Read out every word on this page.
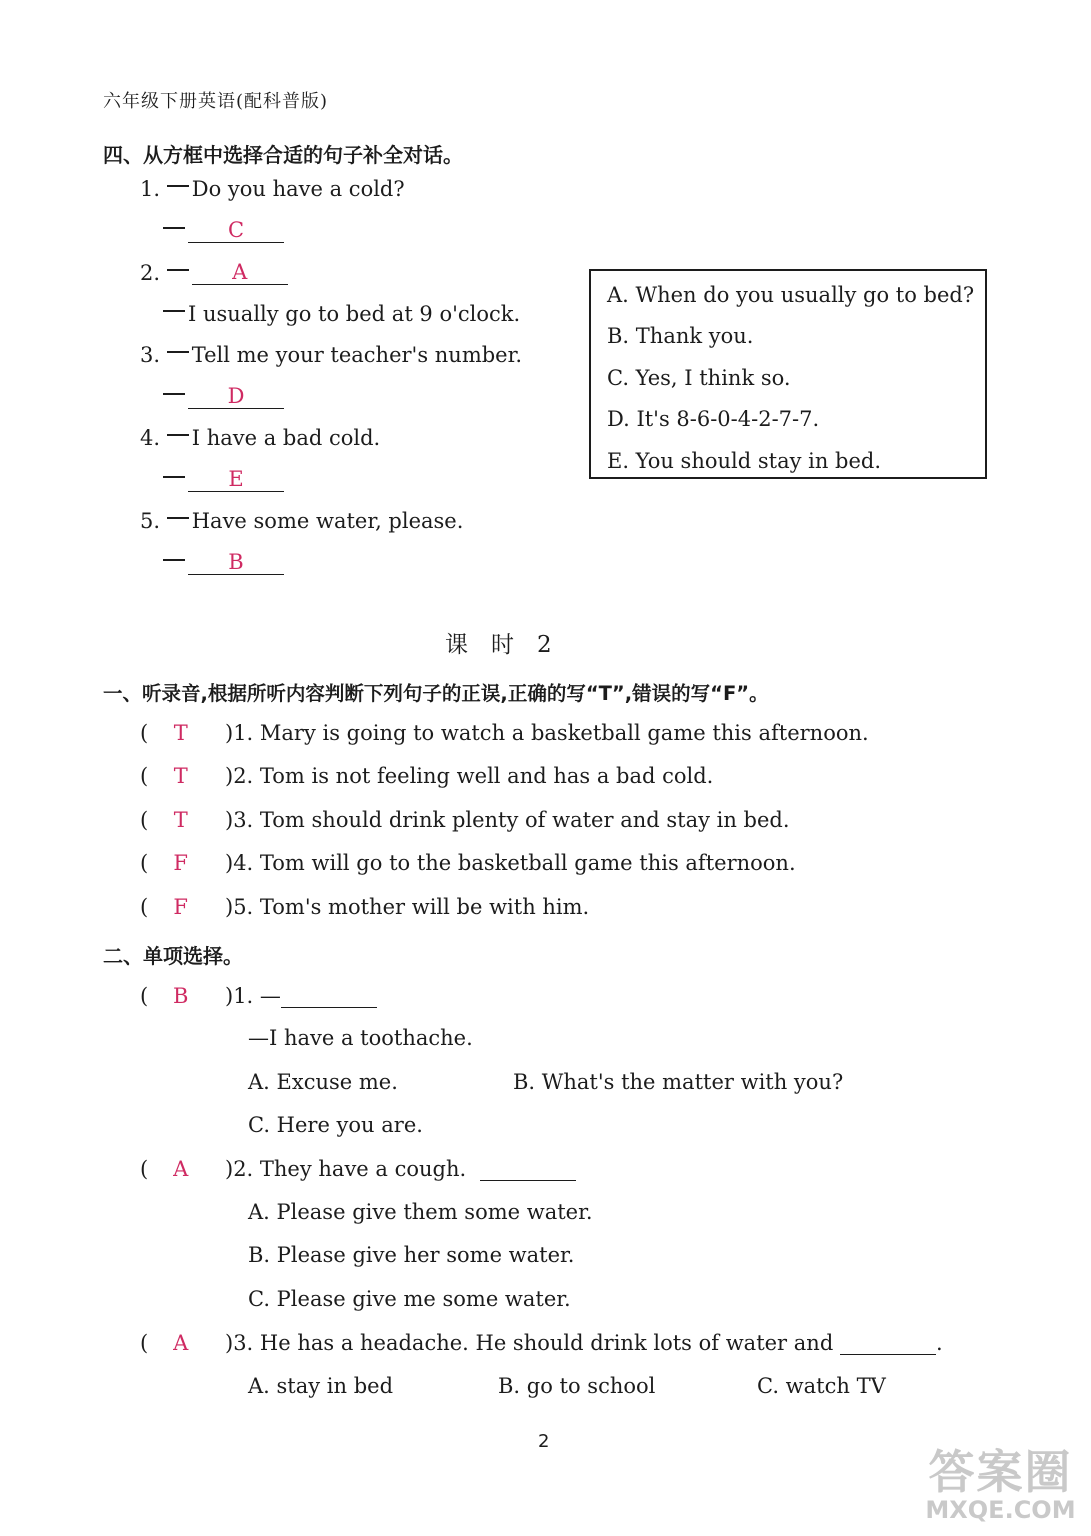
六年级下册英语(配科普版)
四、从方框中选择合适的句子补全对话。
1. Do you have a cold?
C
2.	A
I usually go to bed at 9 o'clock.
3. Tell me your teacher's number.
D
4. I have a bad cold.
E
5. Have some water, please.
B
A. When do you usually go to bed?
B. Thank you.
C. Yes, I think so.
D. It's 8-6-0-4-2-7-7.
E. You should stay in bed.
课　时　2
一、听录音,根据所听内容判断下列句子的正误,正确的写“T”,错误的写“F”。
( T )1. Mary is going to watch a basketball game this afternoon.
( T )2. Tom is not feeling well and has a bad cold.
( T )3. Tom should drink plenty of water and stay in bed.
( F )4. Tom will go to the basketball game this afternoon.
( F )5. Tom's mother will be with him.
二、单项选择。
( B )1. —
—I have a toothache.
A. Excuse me.	B. What's the matter with you?
C. Here you are.
( A )2. They have a cough.
A. Please give them some water.
B. Please give her some water.
C. Please give me some water.
( A )3. He has a headache. He should drink lots of water and	.
A. stay in bed	B. go to school	C. watch TV
2
答案圈
MXQE.COM
